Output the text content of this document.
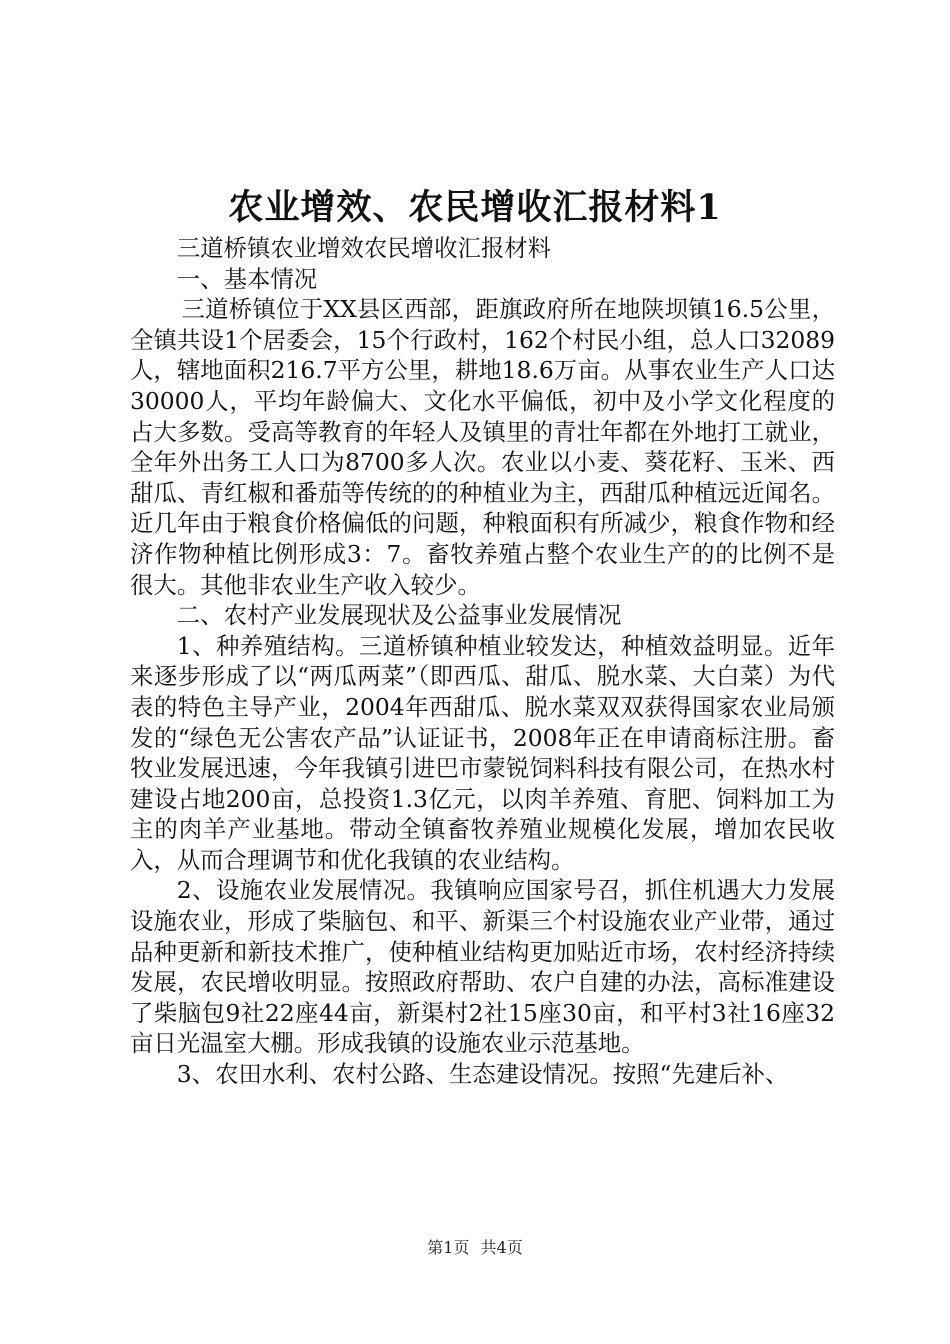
农业增效、农民增收汇报材料1

三道桥镇农业增效农民增收汇报材料

一、基本情况

三道桥镇位于XX县区西部，距旗政府所在地陕坝镇16.5公里，全镇共设1个居委会，15个行政村，162个村民小组，总人口32089人，辖地面积216.7平方公里，耕地18.6万亩。从事农业生产人口达30000人，平均年龄偏大、文化水平偏低，初中及小学文化程度的占大多数。受高等教育的年轻人及镇里的青壮年都在外地打工就业，全年外出务工人口为8700多人次。农业以小麦、葵花籽、玉米、西甜瓜、青红椒和番茄等传统的的种植业为主，西甜瓜种植远近闻名。近几年由于粮食价格偏低的问题，种粮面积有所减少，粮食作物和经济作物种植比例形成3：7。畜牧养殖占整个农业生产的的比例不是很大。其他非农业生产收入较少。

二、农村产业发展现状及公益事业发展情况

1、种养殖结构。三道桥镇种植业较发达，种植效益明显。近年来逐步形成了以“两瓜两菜”（即西瓜、甜瓜、脱水菜、大白菜）为代表的特色主导产业，2004年西甜瓜、脱水菜双双获得国家农业局颁发的“绿色无公害农产品”认证证书，2008年正在申请商标注册。畜牧业发展迅速，今年我镇引进巴市蒙锐饲料科技有限公司，在热水村建设占地200亩，总投资1.3亿元，以肉羊养殖、育肥、饲料加工为主的肉羊产业基地。带动全镇畜牧养殖业规模化发展，增加农民收入，从而合理调节和优化我镇的农业结构。

2、设施农业发展情况。我镇响应国家号召，抓住机遇大力发展设施农业，形成了柴脑包、和平、新渠三个村设施农业产业带，通过品种更新和新技术推广，使种植业结构更加贴近市场，农村经济持续发展，农民增收明显。按照政府帮助、农户自建的办法，高标准建设了柴脑包9社22座44亩，新渠村2社15座30亩，和平村3社16座32亩日光温室大棚。形成我镇的设施农业示范基地。

3、农田水利、农村公路、生态建设情况。按照“先建后补、

第1页 共4页
